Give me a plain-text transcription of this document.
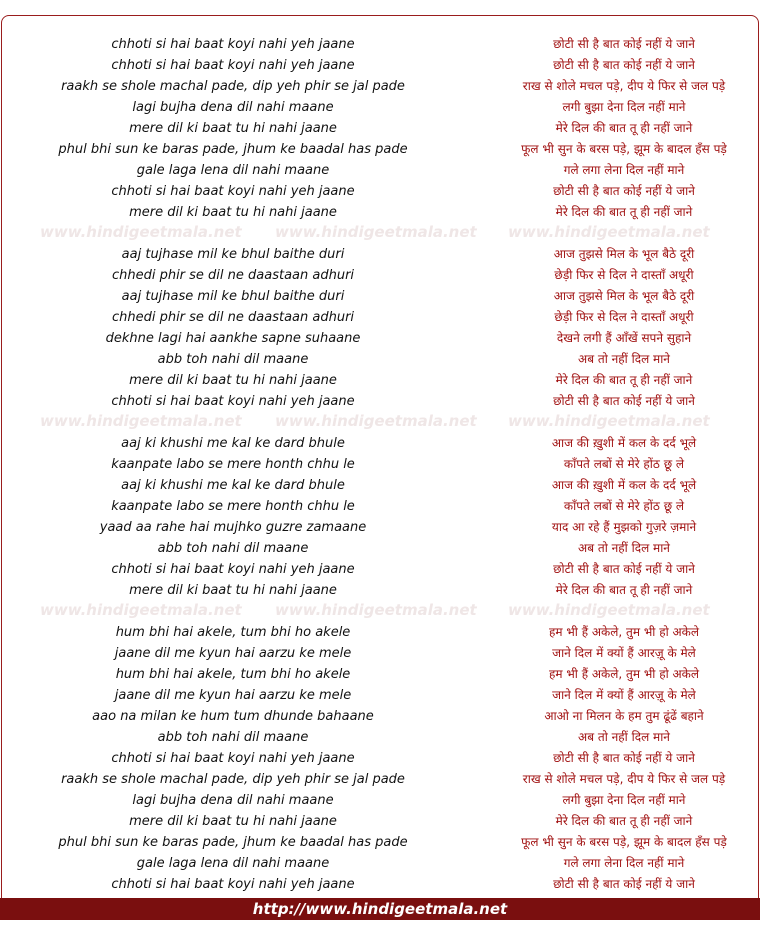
www.hindigeetmala.net www.hindigeetmala.net www.hindigeetmala.net
www.hindigeetmala.net www.hindigeetmala.net www.hindigeetmala.net
www.hindigeetmala.net www.hindigeetmala.net www.hindigeetmala.net
chhoti si hai baat koyi nahi yeh jaane	छोटी सी है बात कोई नहीं ये जाने
chhoti si hai baat koyi nahi yeh jaane	छोटी सी है बात कोई नहीं ये जाने
raakh se shole machal pade, dip yeh phir se jal pade	राख से शोले मचल पड़े, दीप ये फिर से जल पड़े
lagi bujha dena dil nahi maane	लगी बुझा देना दिल नहीं माने
mere dil ki baat tu hi nahi jaane	मेरे दिल की बात तू ही नहीं जाने
phul bhi sun ke baras pade, jhum ke baadal has pade	फूल भी सुन के बरस पड़े, झूम के बादल हँस पड़े
gale laga lena dil nahi maane	गले लगा लेना दिल नहीं माने
chhoti si hai baat koyi nahi yeh jaane	छोटी सी है बात कोई नहीं ये जाने
mere dil ki baat tu hi nahi jaane	मेरे दिल की बात तू ही नहीं जाने
aaj tujhase mil ke bhul baithe duri	आज तुझसे मिल के भूल बैठे दूरी
chhedi phir se dil ne daastaan adhuri	छेड़ी फिर से दिल ने दास्ताँ अधूरी
aaj tujhase mil ke bhul baithe duri	आज तुझसे मिल के भूल बैठे दूरी
chhedi phir se dil ne daastaan adhuri	छेड़ी फिर से दिल ने दास्ताँ अधूरी
dekhne lagi hai aankhe sapne suhaane	देखने लगी हैं आँखें सपने सुहाने
abb toh nahi dil maane	अब तो नहीं दिल माने
mere dil ki baat tu hi nahi jaane	मेरे दिल की बात तू ही नहीं जाने
chhoti si hai baat koyi nahi yeh jaane	छोटी सी है बात कोई नहीं ये जाने
aaj ki khushi me kal ke dard bhule	आज की ख़ुशी में कल के दर्द भूले
kaanpate labo se mere honth chhu le	काँपते लबों से मेरे होंठ छू ले
aaj ki khushi me kal ke dard bhule	आज की ख़ुशी में कल के दर्द भूले
kaanpate labo se mere honth chhu le	काँपते लबों से मेरे होंठ छू ले
yaad aa rahe hai mujhko guzre zamaane	याद आ रहे हैं मुझको गुज़रे ज़माने
abb toh nahi dil maane	अब तो नहीं दिल माने
chhoti si hai baat koyi nahi yeh jaane	छोटी सी है बात कोई नहीं ये जाने
mere dil ki baat tu hi nahi jaane	मेरे दिल की बात तू ही नहीं जाने
hum bhi hai akele, tum bhi ho akele	हम भी हैं अकेले, तुम भी हो अकेले
jaane dil me kyun hai aarzu ke mele	जाने दिल में क्यों हैं आरज़ू के मेले
hum bhi hai akele, tum bhi ho akele	हम भी हैं अकेले, तुम भी हो अकेले
jaane dil me kyun hai aarzu ke mele	जाने दिल में क्यों हैं आरज़ू के मेले
aao na milan ke hum tum dhunde bahaane	आओ ना मिलन के हम तुम ढूंढें बहाने
abb toh nahi dil maane	अब तो नहीं दिल माने
chhoti si hai baat koyi nahi yeh jaane	छोटी सी है बात कोई नहीं ये जाने
raakh se shole machal pade, dip yeh phir se jal pade	राख से शोले मचल पड़े, दीप ये फिर से जल पड़े
lagi bujha dena dil nahi maane	लगी बुझा देना दिल नहीं माने
mere dil ki baat tu hi nahi jaane	मेरे दिल की बात तू ही नहीं जाने
phul bhi sun ke baras pade, jhum ke baadal has pade	फूल भी सुन के बरस पड़े, झूम के बादल हँस पड़े
gale laga lena dil nahi maane	गले लगा लेना दिल नहीं माने
chhoti si hai baat koyi nahi yeh jaane	छोटी सी है बात कोई नहीं ये जाने
http://www.hindigeetmala.net
